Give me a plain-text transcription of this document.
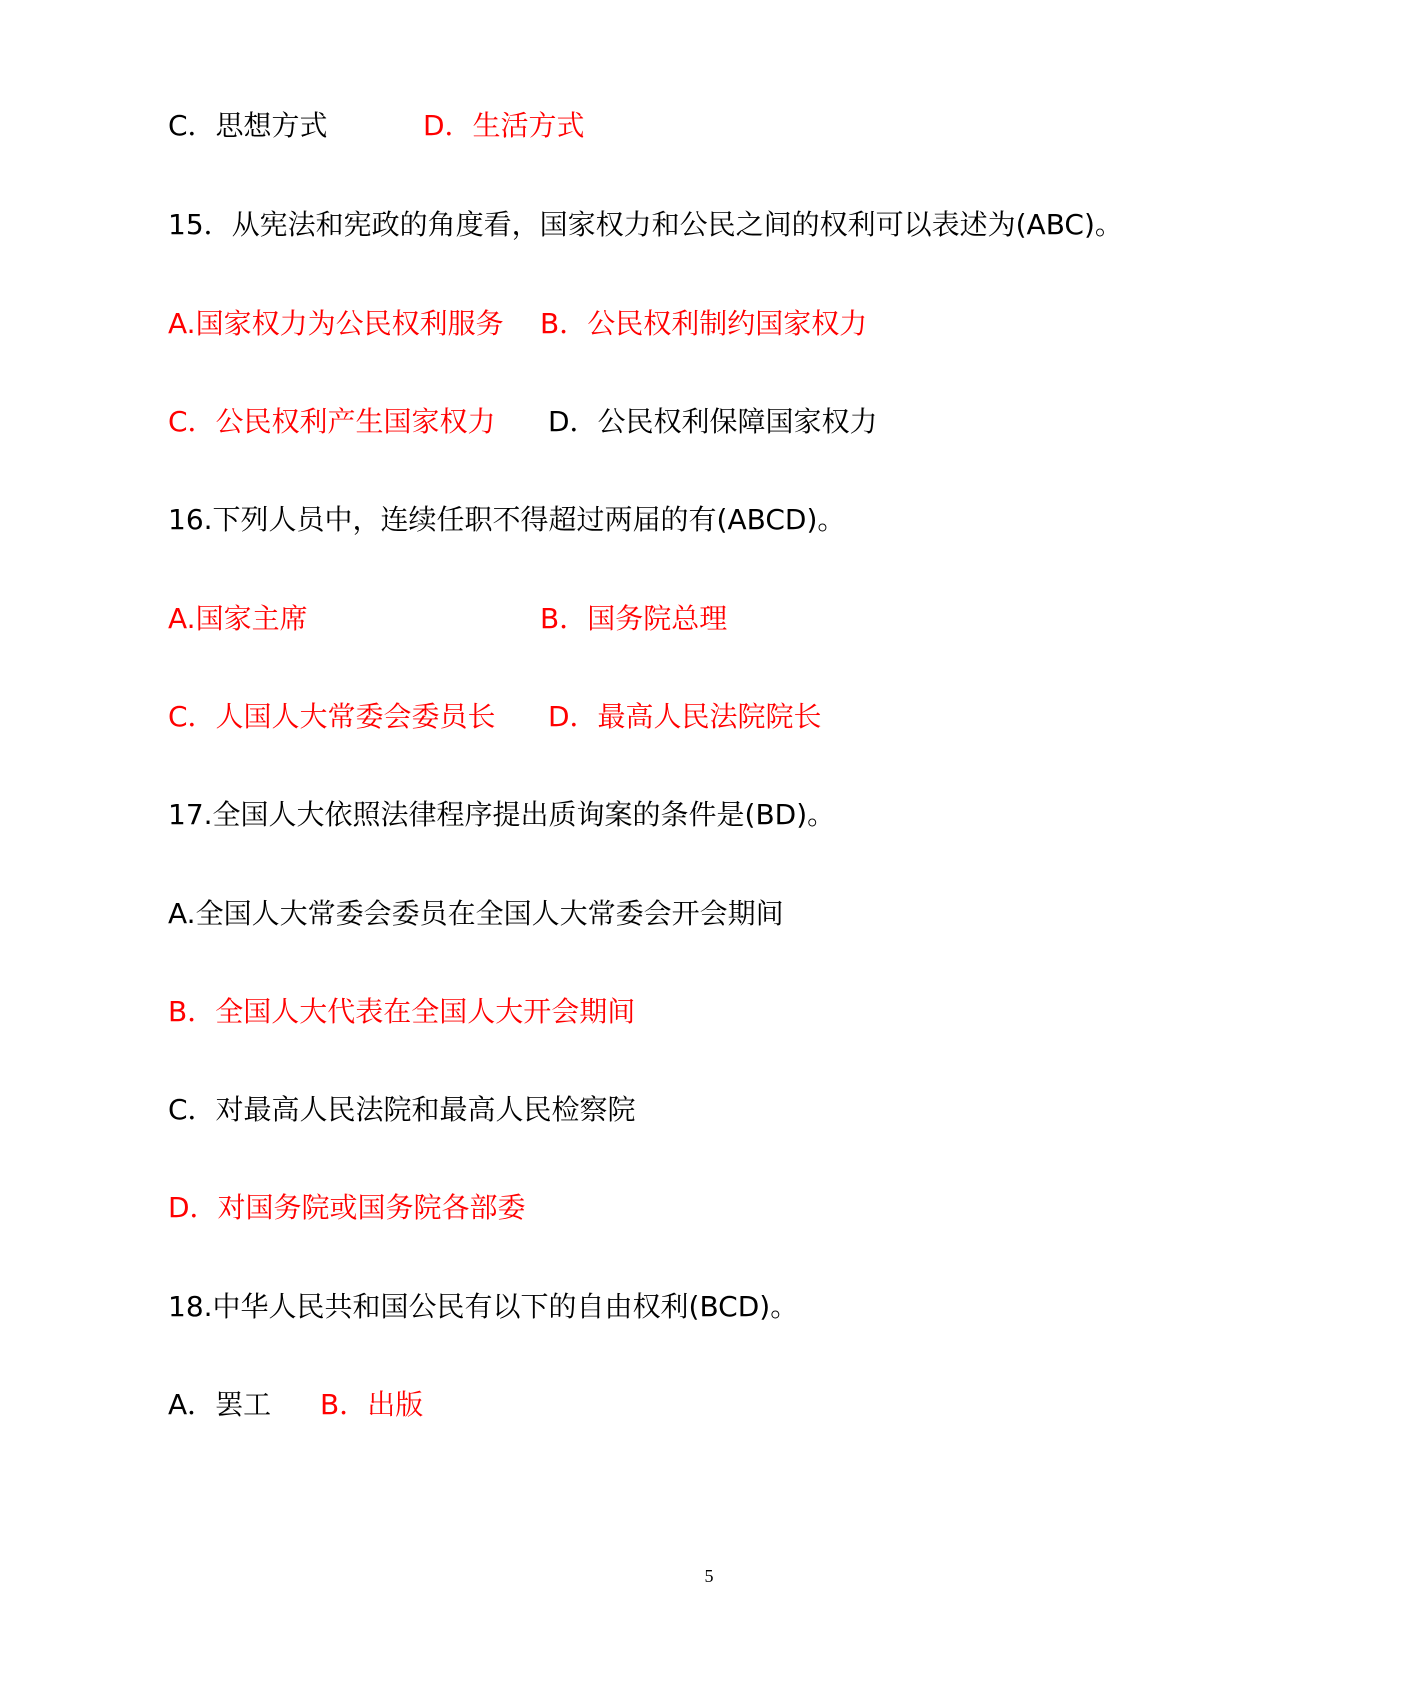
C．思想方式	D．生活方式
15．从宪法和宪政的角度看，国家权力和公民之间的权利可以表述为(ABC)。
A.国家权力为公民权利服务 B．公民权利制约国家权力
C．公民权利产生国家权力 D．公民权利保障国家权力
16.下列人员中，连续任职不得超过两届的有(ABCD)。
A.国家主席	B．国务院总理
C．人国人大常委会委员长 D．最高人民法院院长
17.全国人大依照法律程序提出质询案的条件是(BD)。
A.全国人大常委会委员在全国人大常委会开会期间
B．全国人大代表在全国人大开会期间
C．对最高人民法院和最高人民检察院
D．对国务院或国务院各部委
18.中华人民共和国公民有以下的自由权利(BCD)。
A．罢工 B．出版
5
